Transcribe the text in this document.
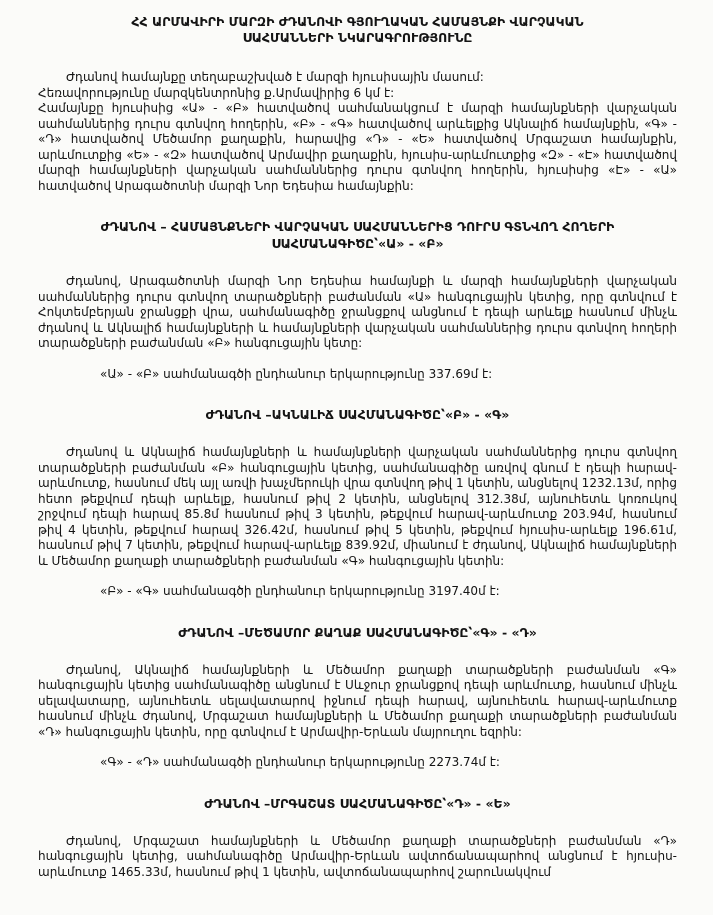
ՀՀ ԱՐՄԱՎԻՐԻ ՄԱՐԶԻ ԺԴԱՆՈՎԻ ԳՅՈՒՂԱԿԱՆ ՀԱՄԱՅՆՔԻ ՎԱՐՉԱԿԱՆ
ՍԱՀՄԱՆՆԵՐԻ ՆԿԱՐԱԳՐՈՒԹՅՈՒՆԸ

Ժդանով համայնքը տեղաբաշխված է մարզի հյուսիսային մասում:

Հեռավորությունը մարզկենտրոնից ք.Արմավիրից 6 կմ է:

Համայնքը հյուսիսից «Ա» - «Բ» հատվածով սահմանակցում է մարզի համայնքների վարչական սահմաններից դուրս գտնվող հողերին, «Բ» - «Գ» հատվածով արևելքից Ակնալիճ համայնքին, «Գ» - «Դ» հատվածով Մեծամոր քաղաքին, հարավից «Դ» - «Ե» հատվածով Մրգաշատ համայնքին, արևմուտքից «Ե» - «Զ» հատվածով Արմավիր քաղաքին, հյուսիս-արևմուտքից «Զ» - «Է» հատվածով մարզի համայնքների վարչական սահմաններից դուրս գտնվող հողերին, հյուսիսից «Է» - «Ա» հատվածով Արագածոտնի մարզի Նոր Եդեսիա համայնքին:

ԺԴԱՆՈՎ – ՀԱՄԱՅՆՔՆԵՐԻ ՎԱՐՉԱԿԱՆ ՍԱՀՄԱՆՆԵՐԻՑ ԴՈՒՐՍ ԳՏՆՎՈՂ ՀՈՂԵՐԻ ՍԱՀՄԱՆԱԳԻԾԸ՝«Ա» - «Բ»

Ժդանով, Արագածոտնի մարզի Նոր Եդեսիա համայնքի և մարզի համայնքների վարչական սահմաններից դուրս գտնվող տարածքների բաժանման «Ա» հանգուցային կետից, որը գտնվում է Հոկտեմբերյան ջրանցքի վրա, սահմանագիծը ջրանցքով անցնում է դեպի արևելք հասնում մինչև ժդանով և Ակնալիճ համայնքների և համայնքների վարչական սահմաններից դուրս գտնվող հողերի տարածքների բաժանման «Բ» հանգուցային կետը:

«Ա» - «Բ» սահմանագծի ընդհանուր երկարությունը 337.69մ է:

ԺԴԱՆՈՎ –ԱԿՆԱԼԻՃ ՍԱՀՄԱՆԱԳԻԾԸ՝«Բ» - «Գ»

Ժդանով և Ակնալիճ համայնքների և համայնքների վարչական սահմաններից դուրս գտնվող տարածքների բաժանման «Բ» հանգուցային կետից, սահմանագիծը առվով գնում է դեպի հարավ-արևմուտք, հասնում մեկ այլ առվի խաչմերուկի վրա գտնվող թիվ 1 կետին, անցնելով 1232.13մ, որից հետո թեքվում դեպի արևելք, հասնում թիվ 2 կետին, անցնելով 312.38մ, այնուհետև կոռուկով շրջվում դեպի հարավ 85.8մ հասնում թիվ 3 կետին, թեքվում հարավ-արևմուտք 203.94մ, հասնում թիվ 4 կետին, թեքվում հարավ 326.42մ, հասնում թիվ 5 կետին, թեքվում հյուսիս-արևելք 196.61մ, հասնում թիվ 7 կետին, թեքվում հարավ-արևելք 839.92մ, միանում է ժդանով, Ակնալիճ համայնքների և Մեծամոր քաղաքի տարածքների բաժանման «Գ» հանգուցային կետին:

«Բ» - «Գ» սահմանագծի ընդհանուր երկարությունը 3197.40մ է:

ԺԴԱՆՈՎ –ՄԵԾԱՄՈՐ ՔԱՂԱՔ ՍԱՀՄԱՆԱԳԻԾԸ՝«Գ» - «Դ»

Ժդանով, Ակնալիճ համայնքների և Մեծամոր քաղաքի տարածքների բաժանման «Գ» հանգուցային կետից սահմանագիծը անցնում է Սևջուր ջրանցքով դեպի արևմուտք, հասնում մինչև սելավատարը, այնուհետև սելավատարով իջնում դեպի հարավ, այնուհետև հարավ-արևմուտք հասնում մինչև ժդանով, Մրգաշատ համայնքների և Մեծամոր քաղաքի տարածքների բաժանման «Դ» հանգուցային կետին, որը գտնվում է Արմավիր-Երևան մայրուղու եզրին:

«Գ» - «Դ» սահմանագծի ընդհանուր երկարությունը 2273.74մ է:

ԺԴԱՆՈՎ –ՄՐԳԱՇԱՏ ՍԱՀՄԱՆԱԳԻԾԸ՝«Դ» - «Ե»

Ժդանով, Մրգաշատ համայնքների և Մեծամոր քաղաքի տարածքների բաժանման «Դ» հանգուցային կետից, սահմանագիծը Արմավիր-Երևան ավտոճանապարհով անցնում է հյուսիս-արևմուտք 1465.33մ, հասնում թիվ 1 կետին, ավտոճանապարհով շարունակվում
